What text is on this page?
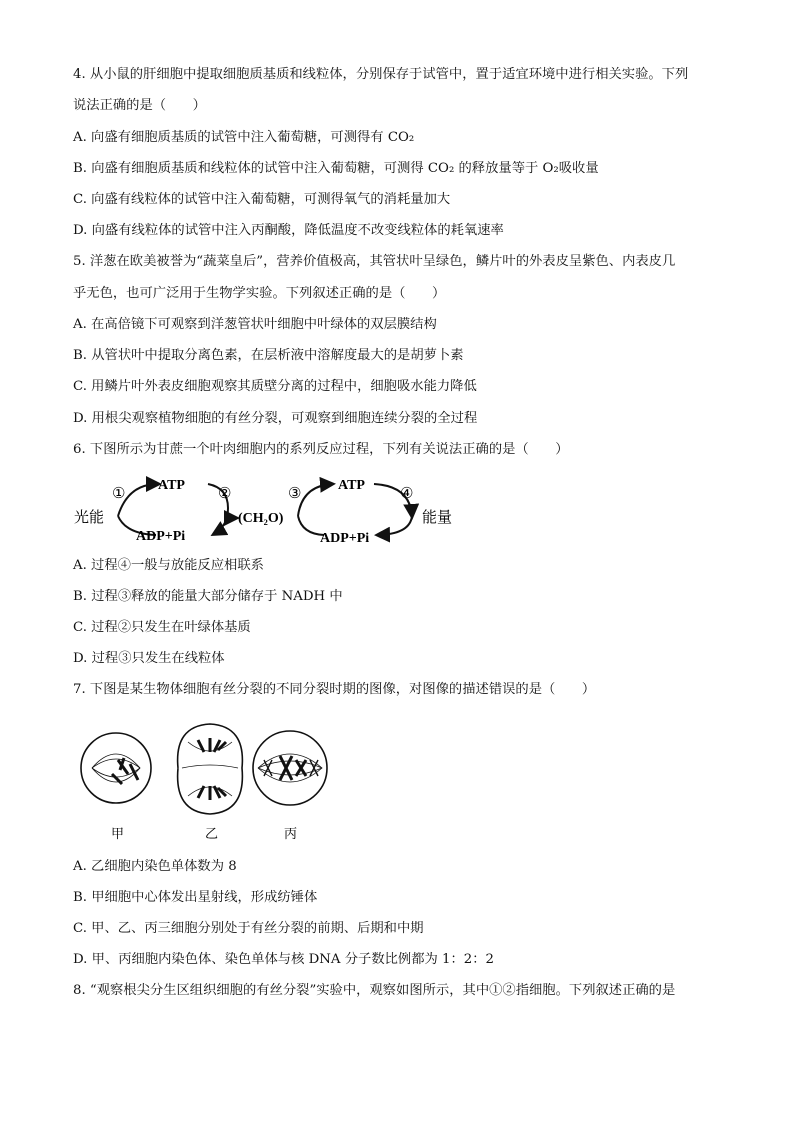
4. 从小鼠的肝细胞中提取细胞质基质和线粒体，分别保存于试管中，置于适宜环境中进行相关实验。下列
说法正确的是（　　）
A. 向盛有细胞质基质的试管中注入葡萄糖，可测得有 CO₂
B. 向盛有细胞质基质和线粒体的试管中注入葡萄糖，可测得 CO₂ 的释放量等于 O₂吸收量
C. 向盛有线粒体的试管中注入葡萄糖，可测得氧气的消耗量加大
D. 向盛有线粒体的试管中注入丙酮酸，降低温度不改变线粒体的耗氧速率
5. 洋葱在欧美被誉为“蔬菜皇后”，营养价值极高，其管状叶呈绿色，鳞片叶的外表皮呈紫色、内表皮几
乎无色，也可广泛用于生物学实验。下列叙述正确的是（　　）
A. 在高倍镜下可观察到洋葱管状叶细胞中叶绿体的双层膜结构
B. 从管状叶中提取分离色素，在层析液中溶解度最大的是胡萝卜素
C. 用鳞片叶外表皮细胞观察其质壁分离的过程中，细胞吸水能力降低
D. 用根尖观察植物细胞的有丝分裂，可观察到细胞连续分裂的全过程
6. 下图所示为甘蔗一个叶肉细胞内的系列反应过程，下列有关说法正确的是（　　）
光能
①
ATP
②
ADP+Pi
(CH₂O)
③
ATP
④
ADP+Pi
能量
A. 过程④一般与放能反应相联系
B. 过程③释放的能量大部分储存于 NADH 中
C. 过程②只发生在叶绿体基质
D. 过程③只发生在线粒体
7. 下图是某生物体细胞有丝分裂的不同分裂时期的图像，对图像的描述错误的是（　　）
甲	乙	丙
A. 乙细胞内染色单体数为 8
B. 甲细胞中心体发出星射线，形成纺锤体
C. 甲、乙、丙三细胞分别处于有丝分裂的前期、后期和中期
D. 甲、丙细胞内染色体、染色单体与核 DNA 分子数比例都为 1：2：2
8. “观察根尖分生区组织细胞的有丝分裂”实验中，观察如图所示，其中①②指细胞。下列叙述正确的是
